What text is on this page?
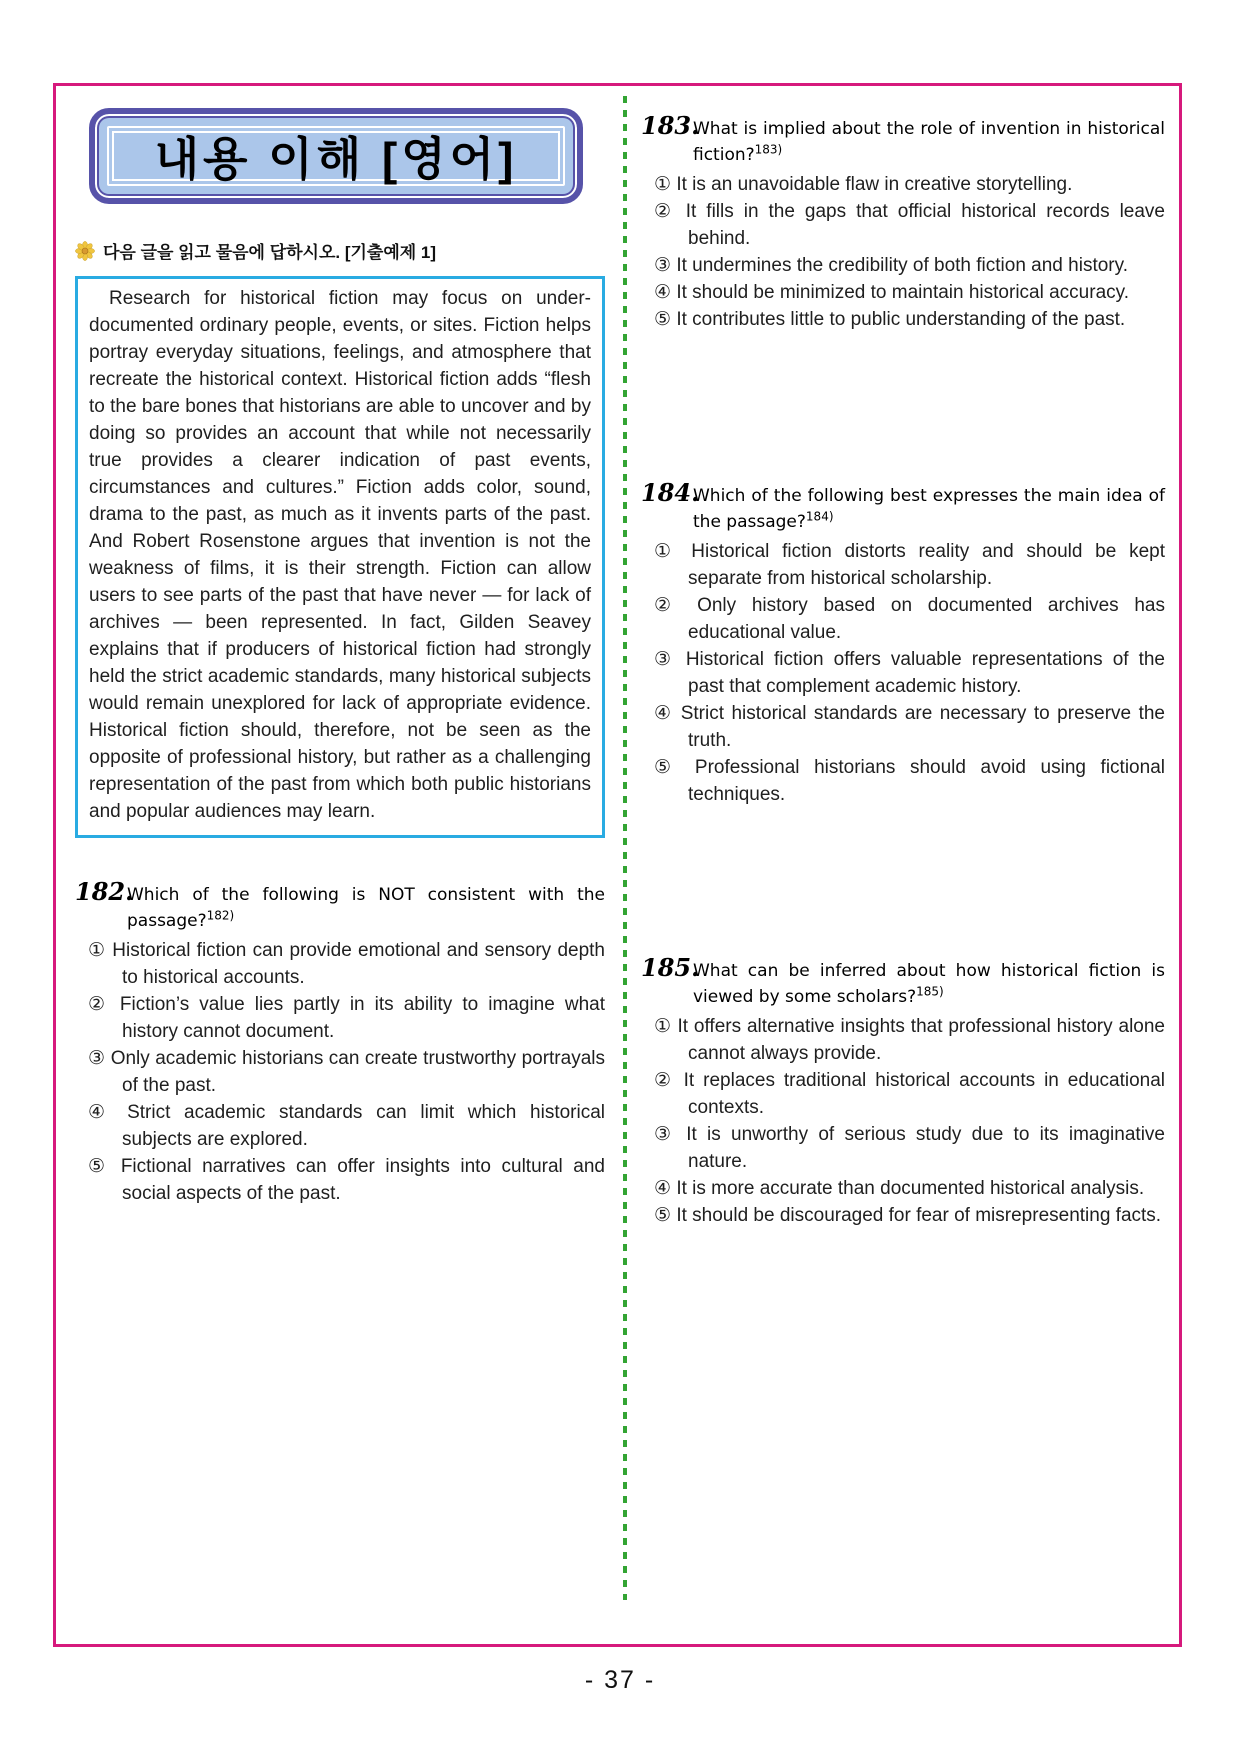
내용 이해 [영어]
다음 글을 읽고 물음에 답하시오. [기출예제 1]

Research for historical fiction may focus on under-documented ordinary people, events, or sites. Fiction helps portray everyday situations, feelings, and atmosphere that recreate the historical context. Historical fiction adds “flesh to the bare bones that historians are able to uncover and by doing so provides an account that while not necessarily true provides a clearer indication of past events, circumstances and cultures.” Fiction adds color, sound, drama to the past, as much as it invents parts of the past. And Robert Rosenstone argues that invention is not the weakness of films, it is their strength. Fiction can allow users to see parts of the past that have never — for lack of archives — been represented. In fact, Gilden Seavey explains that if producers of historical fiction had strongly held the strict academic standards, many historical subjects would remain unexplored for lack of appropriate evidence. Historical fiction should, therefore, not be seen as the opposite of professional history, but rather as a challenging representation of the past from which both public historians and popular audiences may learn.

182.
Which of the following is NOT consistent with the passage?$^{182)}$
① Historical fiction can provide emotional and sensory depth to historical accounts.
② Fiction’s value lies partly in its ability to imagine what history cannot document.
③ Only academic historians can create trustworthy portrayals of the past.
④ Strict academic standards can limit which historical subjects are explored.
⑤ Fictional narratives can offer insights into cultural and social aspects of the past.
183.
What is implied about the role of invention in historical fiction?$^{183)}$
① It is an unavoidable flaw in creative storytelling.
② It fills in the gaps that official historical records leave behind.
③ It undermines the credibility of both fiction and history.
④ It should be minimized to maintain historical accuracy.
⑤ It contributes little to public understanding of the past.
184.
Which of the following best expresses the main idea of the passage?$^{184)}$
① Historical fiction distorts reality and should be kept separate from historical scholarship.
② Only history based on documented archives has educational value.
③ Historical fiction offers valuable representations of the past that complement academic history.
④ Strict historical standards are necessary to preserve the truth.
⑤ Professional historians should avoid using fictional techniques.
185.
What can be inferred about how historical fiction is viewed by some scholars?$^{185)}$
① It offers alternative insights that professional history alone cannot always provide.
② It replaces traditional historical accounts in educational contexts.
③ It is unworthy of serious study due to its imaginative nature.
④ It is more accurate than documented historical analysis.
⑤ It should be discouraged for fear of misrepresenting facts.
- 37 -
